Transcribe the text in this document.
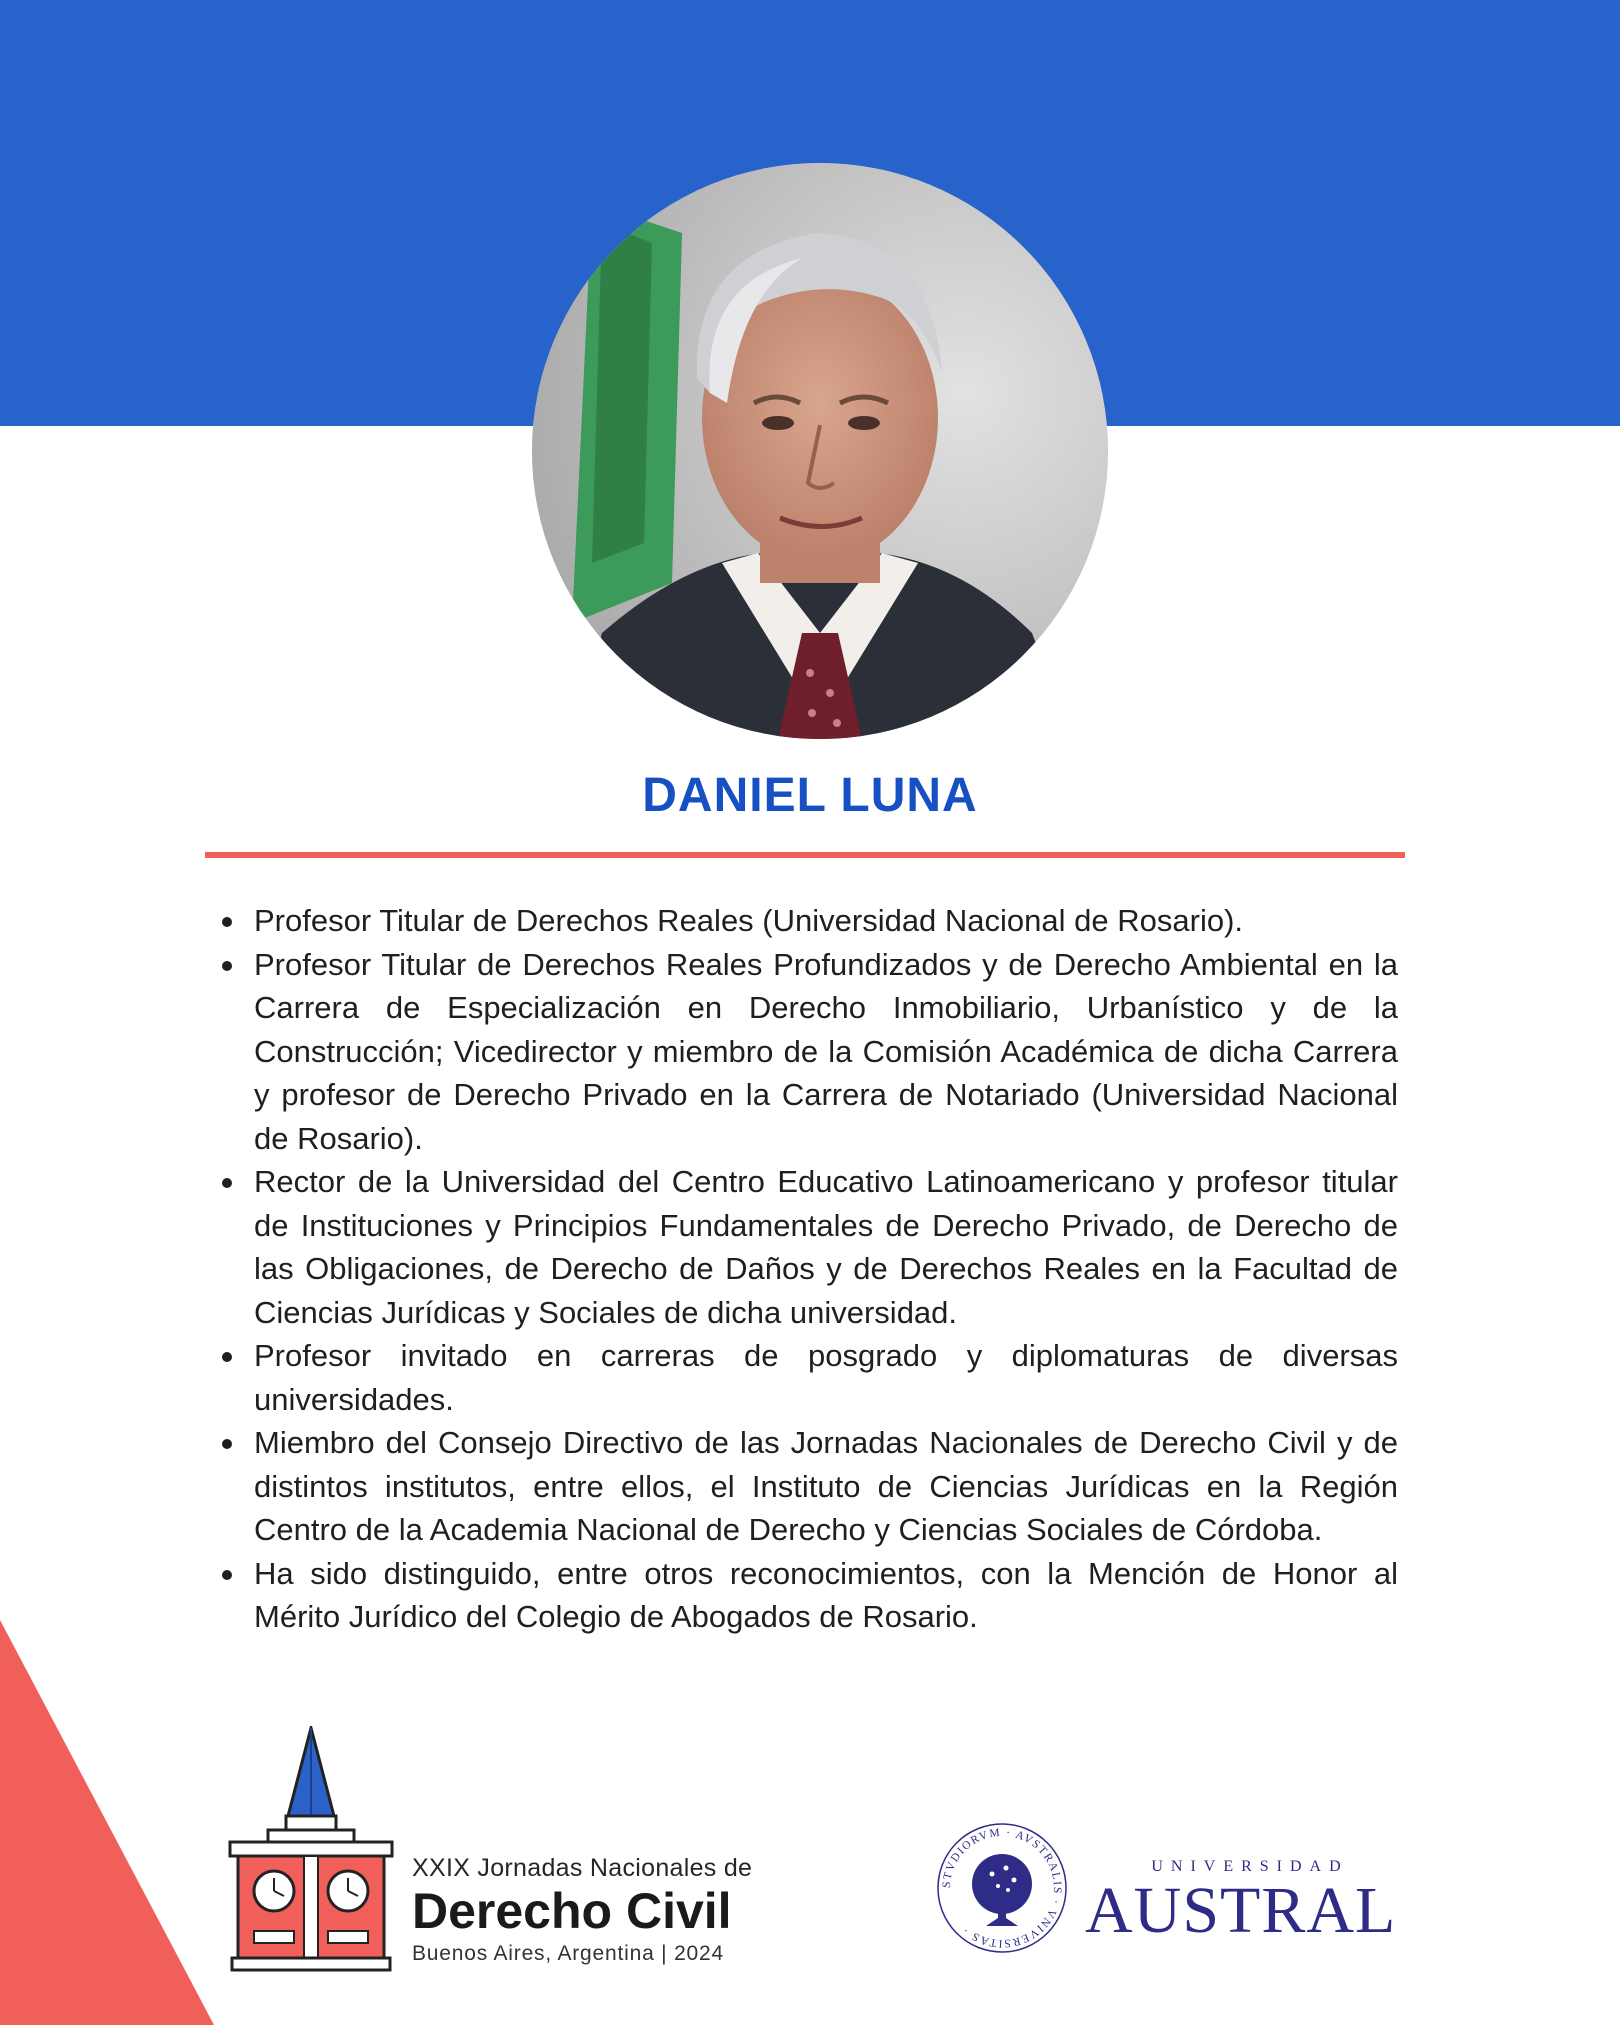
DANIEL LUNA
Profesor Titular de Derechos Reales (Universidad Nacional de Rosario).
Profesor Titular de Derechos Reales Profundizados y de Derecho Ambiental en la Carrera de Especialización en Derecho Inmobiliario, Urbanístico y de la Construcción; Vicedirector y miembro de la Comisión Académica de dicha Carrera y profesor de Derecho Privado en la Carrera de Notariado (Universidad Nacional de Rosario).
Rector de la Universidad del Centro Educativo Latinoamericano y profesor titular de Instituciones y Principios Fundamentales de Derecho Privado, de Derecho de las Obligaciones, de Derecho de Daños y de Derechos Reales en la Facultad de Ciencias Jurídicas y Sociales de dicha universidad.
Profesor invitado en carreras de posgrado y diplomaturas de diversas universidades.
Miembro del Consejo Directivo de las Jornadas Nacionales de Derecho Civil y de distintos institutos, entre ellos, el Instituto de Ciencias Jurídicas en la Región Centro de la Academia Nacional de Derecho y Ciencias Sociales de Córdoba.
Ha sido distinguido, entre otros reconocimientos, con la Mención de Honor al Mérito Jurídico del Colegio de Abogados de Rosario.
XXIX Jornadas Nacionales de
Derecho Civil
Buenos Aires, Argentina | 2024
STVDIORVM · AVSTRALIS · VNIVERSITAS ·
UNIVERSIDAD
AUSTRAL
